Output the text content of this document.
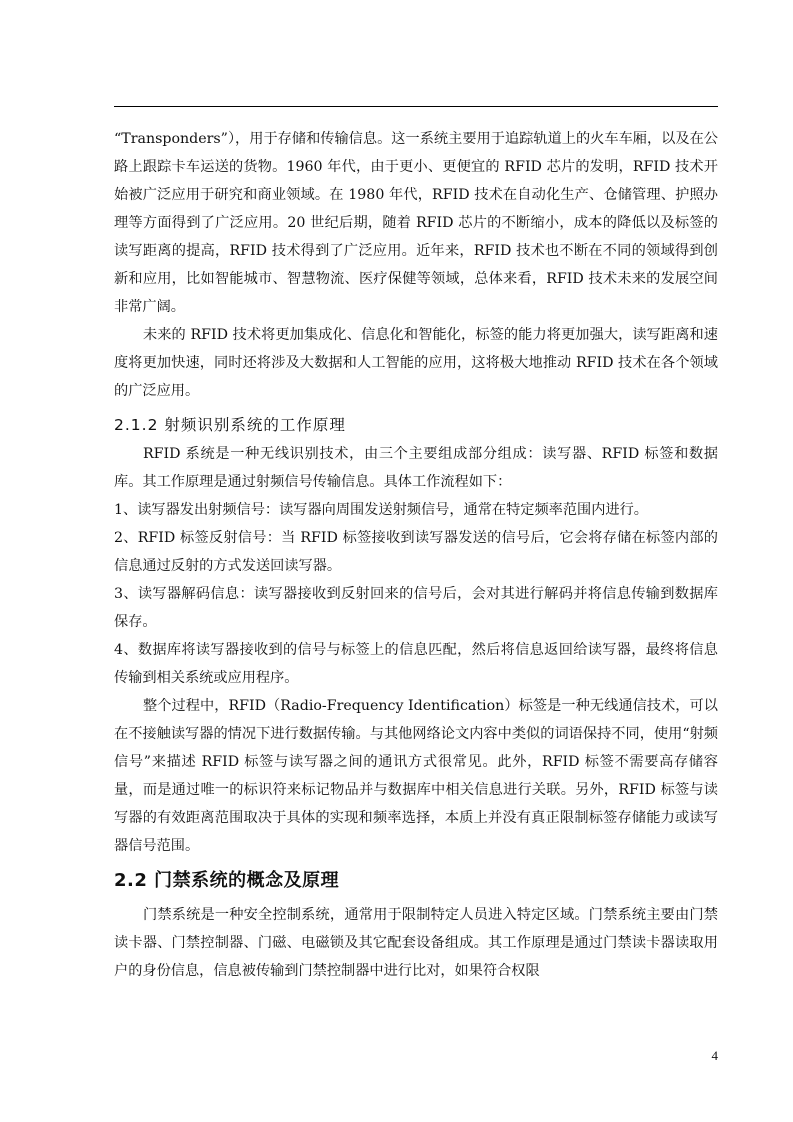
“Transponders”），用于存储和传输信息。这一系统主要用于追踪轨道上的火车车厢，以及在公路上跟踪卡车运送的货物。1960 年代，由于更小、更便宜的 RFID 芯片的发明，RFID 技术开始被广泛应用于研究和商业领域。在 1980 年代，RFID 技术在自动化生产、仓储管理、护照办理等方面得到了广泛应用。20 世纪后期，随着 RFID 芯片的不断缩小，成本的降低以及标签的读写距离的提高，RFID 技术得到了广泛应用。近年来，RFID 技术也不断在不同的领域得到创新和应用，比如智能城市、智慧物流、医疗保健等领域，总体来看，RFID 技术未来的发展空间非常广阔。

未来的 RFID 技术将更加集成化、信息化和智能化，标签的能力将更加强大，读写距离和速度将更加快速，同时还将涉及大数据和人工智能的应用，这将极大地推动 RFID 技术在各个领域的广泛应用。

2.1.2 射频识别系统的工作原理

RFID 系统是一种无线识别技术，由三个主要组成部分组成：读写器、RFID 标签和数据库。其工作原理是通过射频信号传输信息。具体工作流程如下：

1、读写器发出射频信号：读写器向周围发送射频信号，通常在特定频率范围内进行。

2、RFID 标签反射信号：当 RFID 标签接收到读写器发送的信号后，它会将存储在标签内部的信息通过反射的方式发送回读写器。

3、读写器解码信息：读写器接收到反射回来的信号后，会对其进行解码并将信息传输到数据库保存。

4、数据库将读写器接收到的信号与标签上的信息匹配，然后将信息返回给读写器，最终将信息传输到相关系统或应用程序。

整个过程中，RFID（Radio-Frequency Identification）标签是一种无线通信技术，可以在不接触读写器的情况下进行数据传输。与其他网络论文内容中类似的词语保持不同，使用“射频信号”来描述 RFID 标签与读写器之间的通讯方式很常见。此外，RFID 标签不需要高存储容量，而是通过唯一的标识符来标记物品并与数据库中相关信息进行关联。另外，RFID 标签与读写器的有效距离范围取决于具体的实现和频率选择，本质上并没有真正限制标签存储能力或读写器信号范围。

2.2 门禁系统的概念及原理

门禁系统是一种安全控制系统，通常用于限制特定人员进入特定区域。门禁系统主要由门禁读卡器、门禁控制器、门磁、电磁锁及其它配套设备组成。其工作原理是通过门禁读卡器读取用户的身份信息，信息被传输到门禁控制器中进行比对，如果符合权限

4
